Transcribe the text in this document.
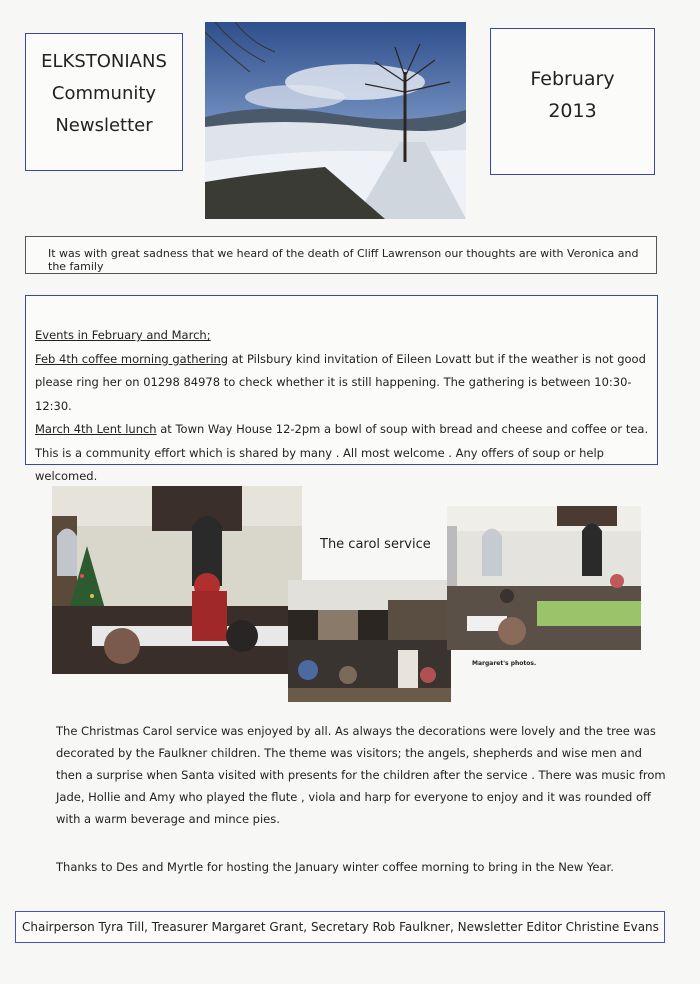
ELKSTONIANS
Community
Newsletter
February
2013
It was with great sadness that we heard of the death of Cliff Lawrenson our thoughts are with Veronica and the family

Events in February and March;

Feb 4th coffee morning gathering at Pilsbury kind invitation of Eileen Lovatt but if the weather is not good please ring her on 01298 84978 to check whether it is still happening. The gathering is between 10:30-12:30.

March 4th Lent lunch at Town Way House 12-2pm a bowl of soup with bread and cheese and coffee or tea.

This is a community effort which is shared by many . All most welcome . Any offers of soup or help welcomed.

The carol service
Margaret's photos.
The Christmas Carol service was enjoyed by all. As always the decorations were lovely and the tree was decorated by the Faulkner children. The theme was visitors; the angels, shepherds and wise men and then a surprise when Santa visited with presents for the children after the service . There was music from Jade, Hollie and Amy who played the flute , viola and harp for everyone to enjoy and it was rounded off with a warm beverage and mince pies.
Thanks to Des and Myrtle for hosting the January winter coffee morning to bring in the New Year.
Chairperson Tyra Till, Treasurer Margaret Grant, Secretary Rob Faulkner, Newsletter Editor Christine Evans
